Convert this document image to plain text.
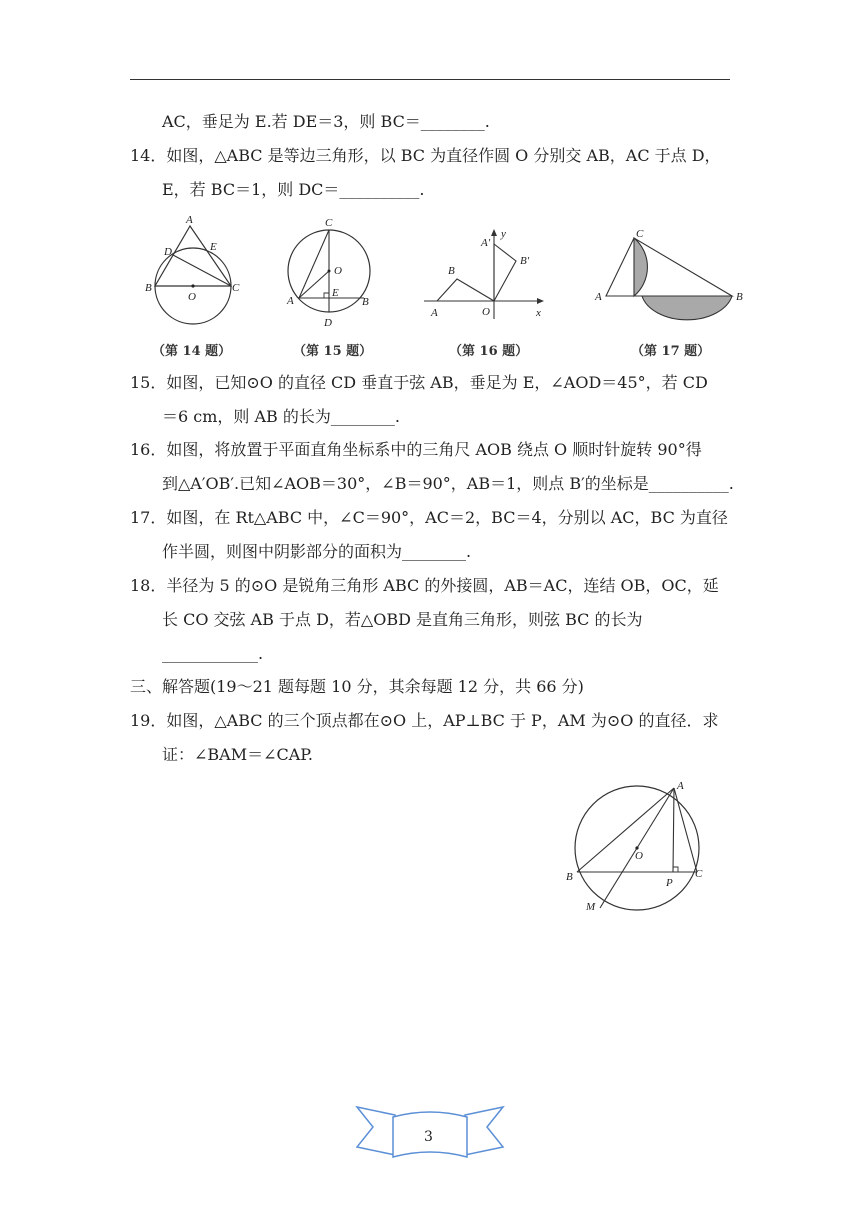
AC，垂足为 E.若 DE＝3，则 BC＝________.
14．如图，△ABC 是等边三角形，以 BC 为直径作圆 O 分别交 AB，AC 于点 D，
E，若 BC＝1，则 DC＝__________.
A
D	E
B
O
C
C
O
A
E
B
D
A′
y
B′
B
A	O	x
C
A	B
（第 14 题）	（第 15 题）	（第 16 题）	（第 17 题）
15．如图，已知⊙O 的直径 CD 垂直于弦 AB，垂足为 E，∠AOD＝45°，若 CD
＝6 cm，则 AB 的长为________.
16．如图，将放置于平面直角坐标系中的三角尺 AOB 绕点 O 顺时针旋转 90°得
到△A′OB′.已知∠AOB＝30°，∠B＝90°，AB＝1，则点 B′的坐标是__________.
17．如图，在 Rt△ABC 中，∠C＝90°，AC＝2，BC＝4，分别以 AC，BC 为直径
作半圆，则图中阴影部分的面积为________.
18．半径为 5 的⊙O 是锐角三角形 ABC 的外接圆，AB＝AC，连结 OB，OC，延
长 CO 交弦 AB 于点 D，若△OBD 是直角三角形，则弦 BC 的长为
____________.
三、解答题(19～21 题每题 10 分，其余每题 12 分，共 66 分)
19．如图，△ABC 的三个顶点都在⊙O 上，AP⊥BC 于 P，AM 为⊙O 的直径．求
证：∠BAM＝∠CAP.
A
O
B	P
C
M
3
